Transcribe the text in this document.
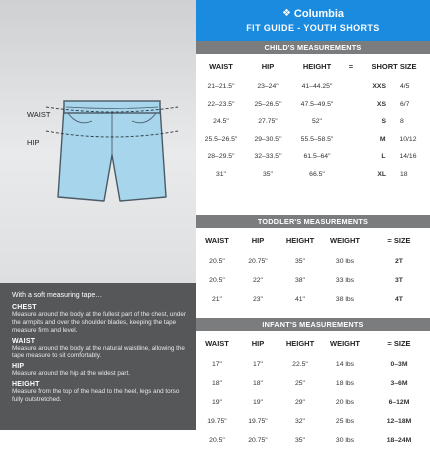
WAIST
HIP
With a soft measuring tape…
CHEST
Measure around the body at the fullest part of the chest, under the armpits and over the shoulder blades, keeping the tape measure firm and level.
WAIST
Measure around the body at the natural waistline, allowing the tape measure to sit comfortably.
HIP
Measure around the hip at the widest part.
HEIGHT
Measure from the top of the head to the heel, legs and torso fully outstretched.
❖ Columbia
FIT GUIDE - YOUTH SHORTS
CHILD'S MEASUREMENTS
WAIST	HIP	HEIGHT	=	SHORT SIZE
21–21.5"	23–24"	41–44.25"	XXS 4/5
22–23.5"	25–26.5"	47.5–49.5"	XS 6/7
24.5"	27.75"	52"	S 8
25.5–26.5"	29–30.5"	55.5–58.5"	M 10/12
28–29.5"	32–33.5"	61.5–64"	L 14/16
31"	35"	66.5"	XL 18
TODDLER'S MEASUREMENTS
WAIST	HIP	HEIGHT	WEIGHT	= SIZE
20.5"	20.75"	35"	30 lbs	2T
20.5"	22"	38"	33 lbs	3T
21"	23"	41"	38 lbs	4T
INFANT'S MEASUREMENTS
WAIST	HIP	HEIGHT	WEIGHT	= SIZE
17"	17"	22.5"	14 lbs	0–3M
18"	18"	25"	18 lbs	3–6M
19"	19"	29"	20 lbs	6–12M
19.75"	19.75"	32"	25 lbs	12–18M
20.5"	20.75"	35"	30 lbs	18–24M
